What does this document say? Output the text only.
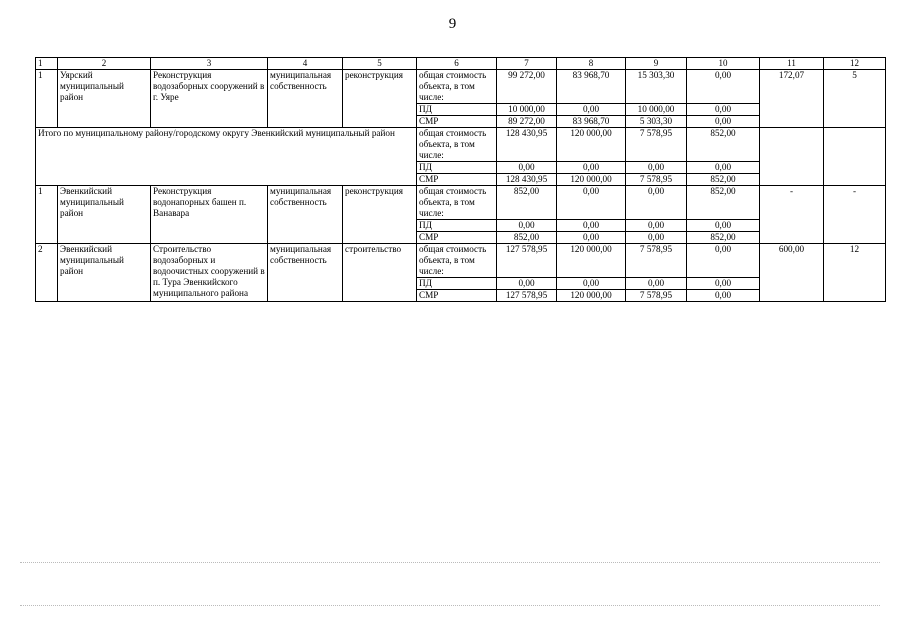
9
1	2	3	4	5	6	7	8	9	10	11	12
1	Уярский муниципальный район	Реконструкция водозаборных сооружений в г. Уяре	муниципальная собственность	реконструкция	общая стоимость объекта, в том числе:	99 272,00	83 968,70	15 303,30	0,00	172,07	5
					ПД	10 000,00	0,00	10 000,00	0,00		
					СМР	89 272,00	83 968,70	5 303,30	0,00		
Итого по муниципальному району/городскому округу Эвенкийский муниципальный район					общая стоимость объекта, в том числе:	128 430,95	120 000,00	7 578,95	852,00		
					ПД	0,00	0,00	0,00	0,00		
					СМР	128 430,95	120 000,00	7 578,95	852,00		
1	Эвенкийский муниципальный район	Реконструкция водонапорных башен п. Ванавара	муниципальная собственность	реконструкция	общая стоимость объекта, в том числе:	852,00	0,00	0,00	852,00	-	-
					ПД	0,00	0,00	0,00	0,00		
					СМР	852,00	0,00	0,00	852,00		
2	Эвенкийский муниципальный район	Строительство водозаборных и водоочистных сооружений в п. Тура Эвенкийского муниципального района	муниципальная собственность	строительство	общая стоимость объекта, в том числе:	127 578,95	120 000,00	7 578,95	0,00	600,00	12
					ПД	0,00	0,00	0,00	0,00		
					СМР	127 578,95	120 000,00	7 578,95	0,00		
